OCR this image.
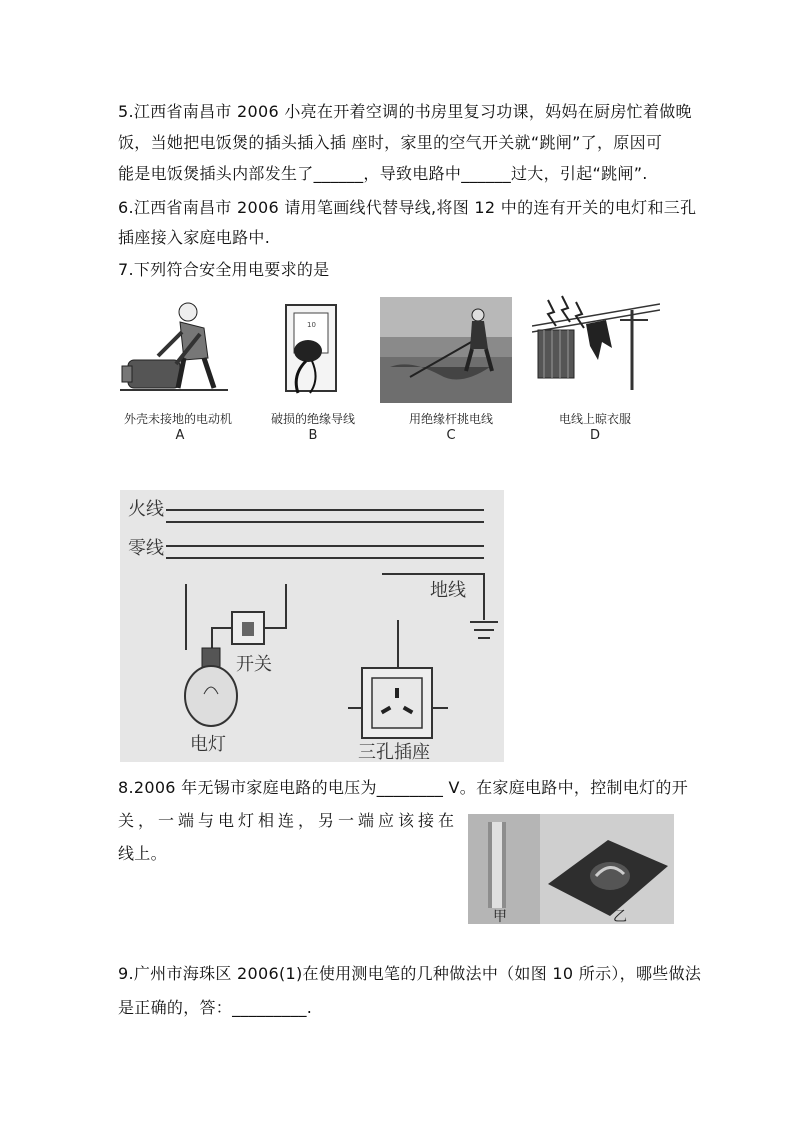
5.江西省南昌市 2006 小亮在开着空调的书房里复习功课，妈妈在厨房忙着做晚
饭，当她把电饭煲的插头插入插 座时，家里的空气开关就“跳闸”了，原因可
能是电饭煲插头内部发生了______，导致电路中______过大，引起“跳闸”.
6.江西省南昌市 2006 请用笔画线代替导线,将图 12 中的连有开关的电灯和三孔
插座接入家庭电路中.
7.下列符合安全用电要求的是
10
外壳未接地的电动机	破损的绝缘导线	用绝缘杆挑电线	电线上晾衣服
A	B	C	D
火线
零线
地线
开关
电灯	三孔插座
8.2006 年无锡市家庭电路的电压为________ V。在家庭电路中，控制电灯的开
关，一端与电灯相连，另一端应该接在
线上。
甲	乙
9.广州市海珠区 2006(1)在使用测电笔的几种做法中（如图 10 所示），哪些做法
是正确的，答：_________.
